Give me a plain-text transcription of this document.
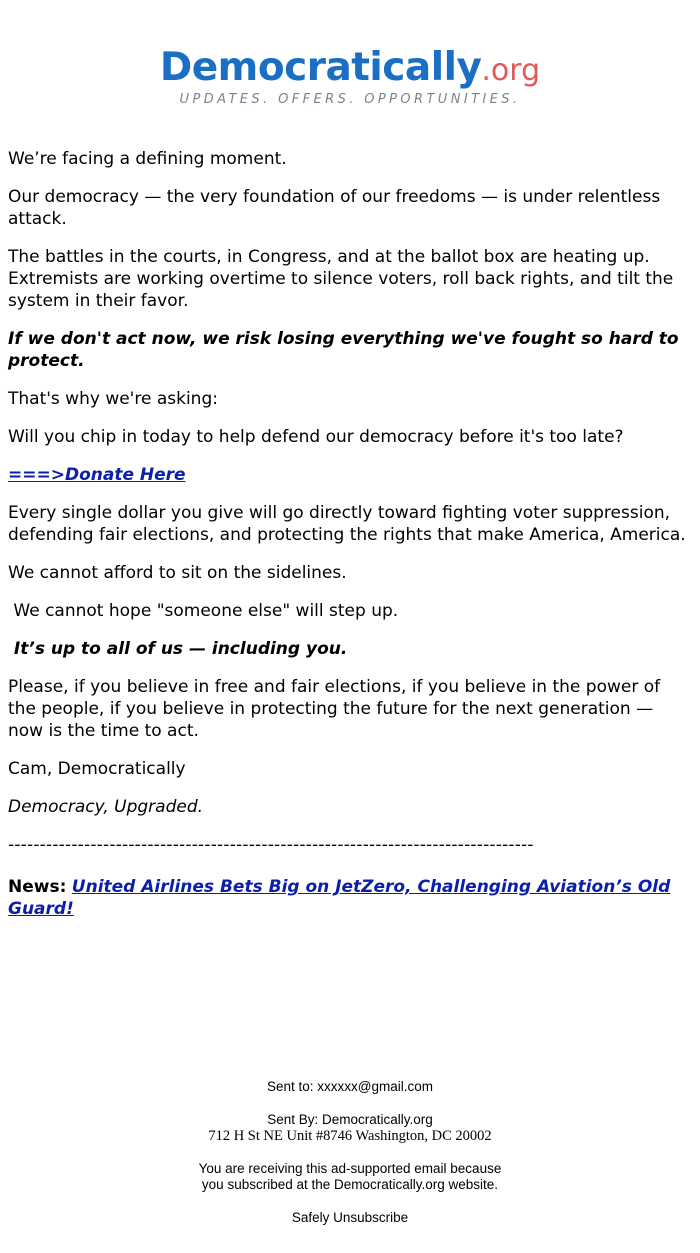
Democratically.org
UPDATES. OFFERS. OPPORTUNITIES.

We’re facing a defining moment.

Our democracy — the very foundation of our freedoms — is under relentless attack.

The battles in the courts, in Congress, and at the ballot box are heating up. Extremists are working overtime to silence voters, roll back rights, and tilt the system in their favor.

If we don't act now, we risk losing everything we've fought so hard to protect.

That's why we're asking:

Will you chip in today to help defend our democracy before it's too late?

===>Donate Here

Every single dollar you give will go directly toward fighting voter suppression, defending fair elections, and protecting the rights that make America, America.

We cannot afford to sit on the sidelines.

We cannot hope "someone else" will step up.

It’s up to all of us — including you.

Please, if you believe in free and fair elections, if you believe in the power of the people, if you believe in protecting the future for the next generation — now is the time to act.

Cam, Democratically

Democracy, Upgraded.

-----------------------------------------------------------------------------------

News: United Airlines Bets Big on JetZero, Challenging Aviation’s Old Guard!

Sent to: xxxxxx@gmail.com
Sent By: Democratically.org
712 H St NE Unit #8746 Washington, DC 20002
You are receiving this ad-supported email because
you subscribed at the Democratically.org website.
Safely Unsubscribe
